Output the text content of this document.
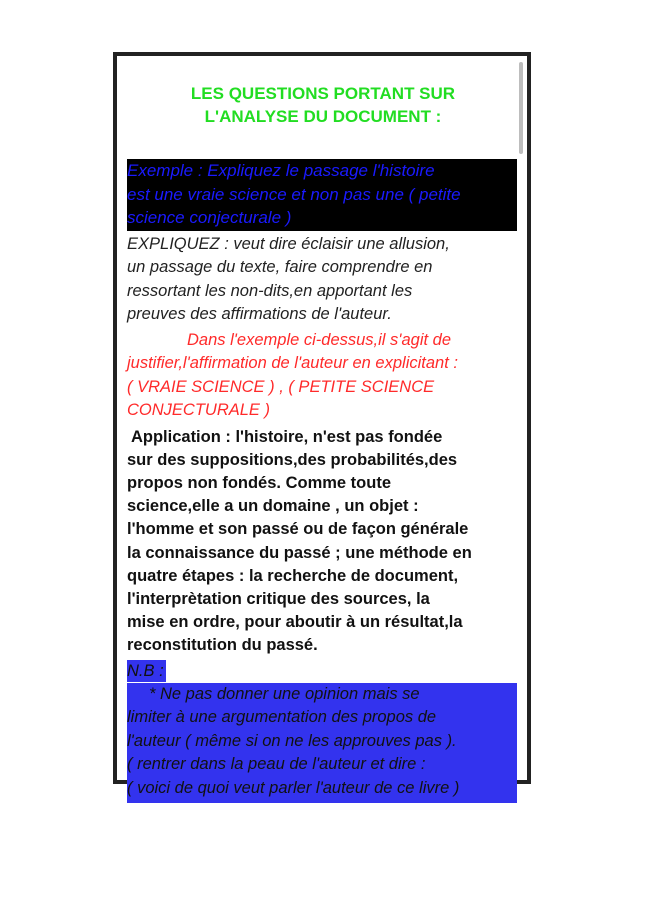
LES QUESTIONS PORTANT SUR
L'ANALYSE DU DOCUMENT :
Exemple : Expliquez le passage l'histoire
est une vraie science et non pas une ( petite
science conjecturale )
EXPLIQUEZ : veut dire éclaisir une allusion,
un passage du texte, faire comprendre en
ressortant les non-dits,en apportant les
preuves des affirmations de l'auteur.
Dans l'exemple ci-dessus,il s'agit de
justifier,l'affirmation de l'auteur en explicitant :
( VRAIE SCIENCE ) , ( PETITE SCIENCE
CONJECTURALE )
Application : l'histoire, n'est pas fondée
sur des suppositions,des probabilités,des
propos non fondés. Comme toute
science,elle a un domaine , un objet :
l'homme et son passé ou de façon générale
la connaissance du passé ; une méthode en
quatre étapes : la recherche de document,
l'interprètation critique des sources, la
mise en ordre, pour aboutir à un résultat,la
reconstitution du passé.
N.B :
* Ne pas donner une opinion mais se
limiter à une argumentation des propos de
l'auteur ( même si on ne les approuves pas ).
( rentrer dans la peau de l'auteur et dire :
( voici de quoi veut parler l'auteur de ce livre )
